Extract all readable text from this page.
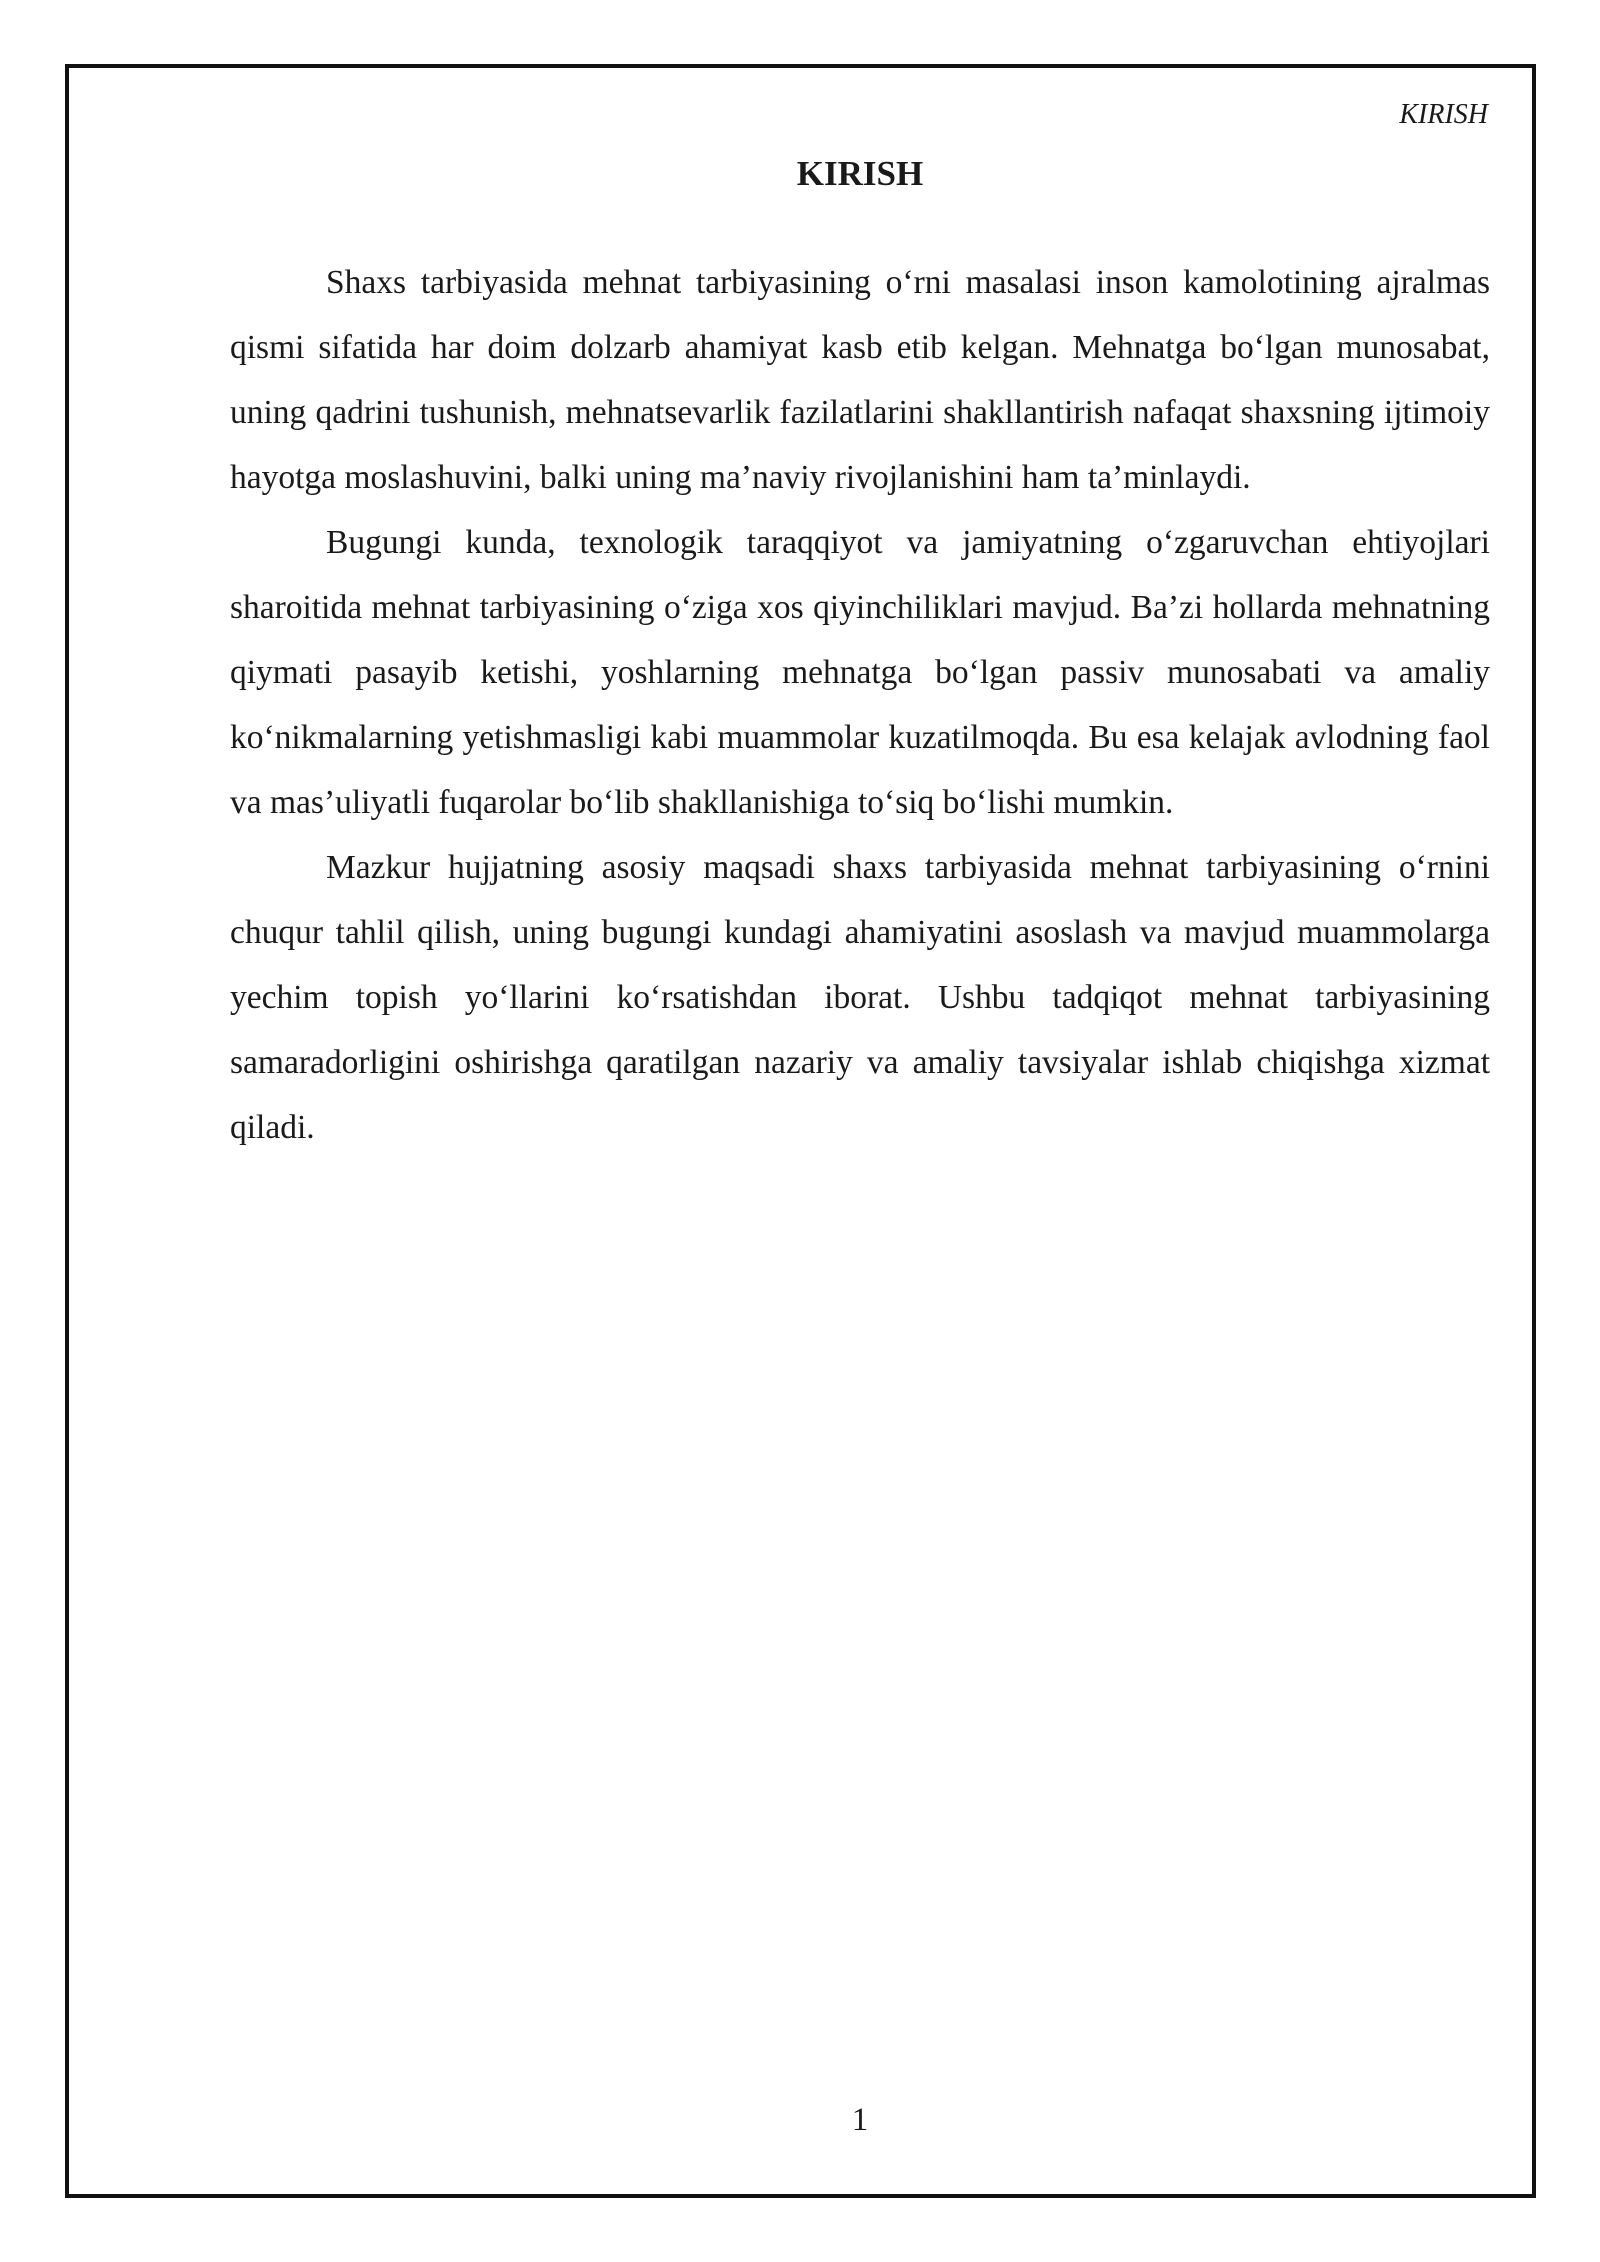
KIRISH
KIRISH

Shaxs tarbiyasida mehnat tarbiyasining o‘rni masalasi inson kamolotining ajralmas qismi sifatida har doim dolzarb ahamiyat kasb etib kelgan. Mehnatga bo‘lgan munosabat, uning qadrini tushunish, mehnatsevarlik fazilatlarini shakllantirish nafaqat shaxsning ijtimoiy hayotga moslashuvini, balki uning ma’naviy rivojlanishini ham ta’minlaydi.

Bugungi kunda, texnologik taraqqiyot va jamiyatning o‘zgaruvchan ehtiyojlari sharoitida mehnat tarbiyasining o‘ziga xos qiyinchiliklari mavjud. Ba’zi hollarda mehnatning qiymati pasayib ketishi, yoshlarning mehnatga bo‘lgan passiv munosabati va amaliy ko‘nikmalarning yetishmasligi kabi muammolar kuzatilmoqda. Bu esa kelajak avlodning faol va mas’uliyatli fuqarolar bo‘lib shakllanishiga to‘siq bo‘lishi mumkin.

Mazkur hujjatning asosiy maqsadi shaxs tarbiyasida mehnat tarbiyasining o‘rnini chuqur tahlil qilish, uning bugungi kundagi ahamiyatini asoslash va mavjud muammolarga yechim topish yo‘llarini ko‘rsatishdan iborat. Ushbu tadqiqot mehnat tarbiyasining samaradorligini oshirishga qaratilgan nazariy va amaliy tavsiyalar ishlab chiqishga xizmat qiladi.

1
